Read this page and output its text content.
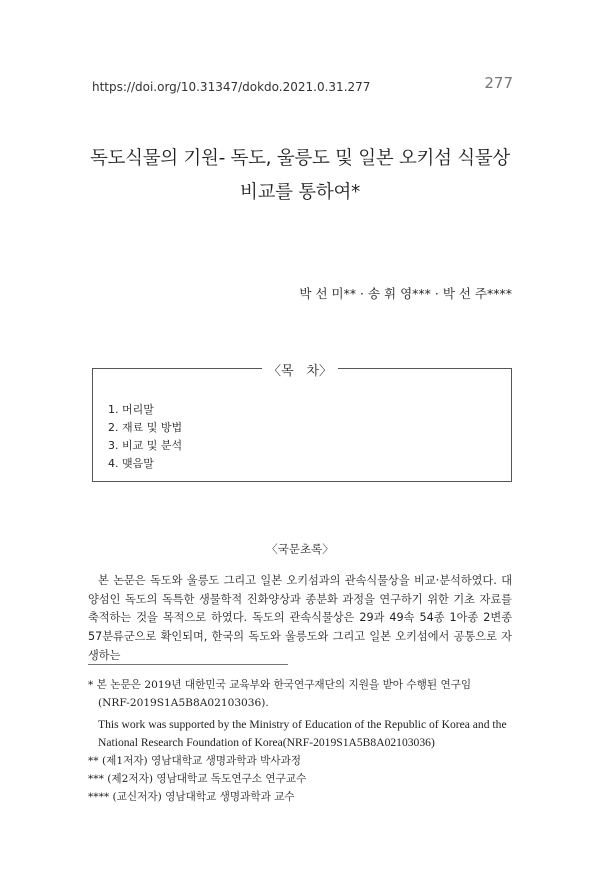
https://doi.org/10.31347/dokdo.2021.0.31.277	277
독도식물의 기원- 독도, 울릉도 및 일본 오키섬 식물상
비교를 통하여*
박 선 미** · 송 휘 영*** · 박 선 주****
〈목　차〉
1. 머리말
2. 재료 및 방법
3. 비교 및 분석
4. 맺음말
〈국문초록〉
본 논문은 독도와 울릉도 그리고 일본 오키섬과의 관속식물상을 비교·분석하였다. 대양섬인 독도의 독특한 생물학적 진화양상과 종분화 과정을 연구하기 위한 기초 자료를 축적하는 것을 목적으로 하였다. 독도의 관속식물상은 29과 49속 54종 1아종 2변종 57분류군으로 확인되며, 한국의 독도와 울릉도와 그리고 일본 오키섬에서 공통으로 자생하는
* 본 논문은 2019년 대한민국 교육부와 한국연구재단의 지원을 받아 수행된 연구임
(NRF-2019S1A5B8A02103036).
This work was supported by the Ministry of Education of the Republic of Korea and the National Research Foundation of Korea(NRF-2019S1A5B8A02103036)
** (제1저자) 영남대학교 생명과학과 박사과정
*** (제2저자) 영남대학교 독도연구소 연구교수
**** (교신저자) 영남대학교 생명과학과 교수
